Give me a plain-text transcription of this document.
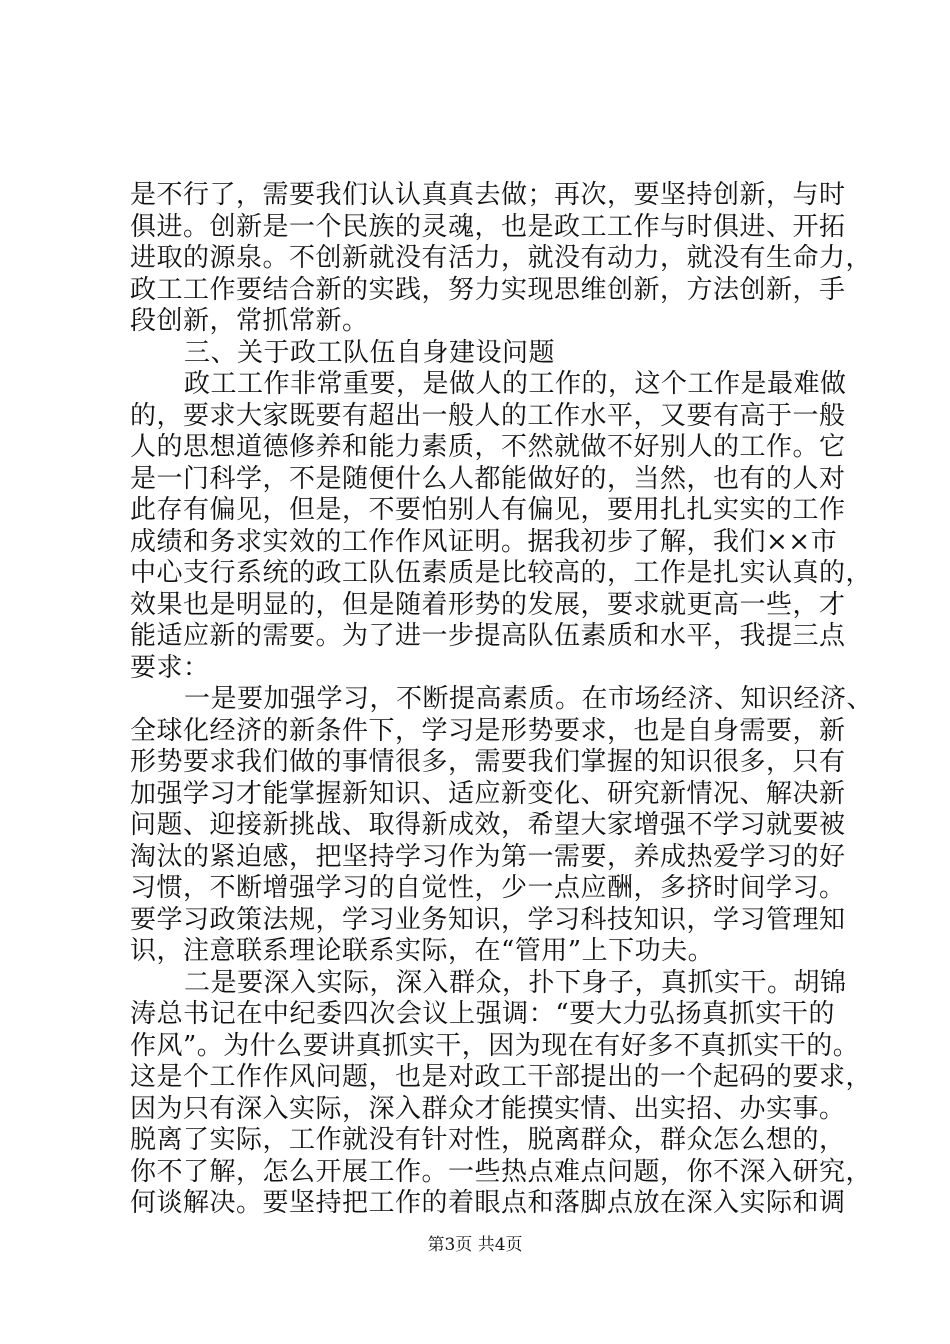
是不行了，需要我们认认真真去做；再次，要坚持创新，与时
俱进。创新是一个民族的灵魂，也是政工工作与时俱进、开拓
进取的源泉。不创新就没有活力，就没有动力，就没有生命力，
政工工作要结合新的实践，努力实现思维创新，方法创新，手
段创新，常抓常新。
三、关于政工队伍自身建设问题
政工工作非常重要，是做人的工作的，这个工作是最难做
的，要求大家既要有超出一般人的工作水平，又要有高于一般
人的思想道德修养和能力素质，不然就做不好别人的工作。它
是一门科学，不是随便什么人都能做好的，当然，也有的人对
此存有偏见，但是，不要怕别人有偏见，要用扎扎实实的工作
成绩和务求实效的工作作风证明。据我初步了解，我们××市
中心支行系统的政工队伍素质是比较高的，工作是扎实认真的，
效果也是明显的，但是随着形势的发展，要求就更高一些，才
能适应新的需要。为了进一步提高队伍素质和水平，我提三点
要求：
一是要加强学习，不断提高素质。在市场经济、知识经济、
全球化经济的新条件下，学习是形势要求，也是自身需要，新
形势要求我们做的事情很多，需要我们掌握的知识很多，只有
加强学习才能掌握新知识、适应新变化、研究新情况、解决新
问题、迎接新挑战、取得新成效，希望大家增强不学习就要被
淘汰的紧迫感，把坚持学习作为第一需要，养成热爱学习的好
习惯，不断增强学习的自觉性，少一点应酬，多挤时间学习。
要学习政策法规，学习业务知识，学习科技知识，学习管理知
识，注意联系理论联系实际，在“管用”上下功夫。
二是要深入实际，深入群众，扑下身子，真抓实干。胡锦
涛总书记在中纪委四次会议上强调：“要大力弘扬真抓实干的
作风”。为什么要讲真抓实干，因为现在有好多不真抓实干的。
这是个工作作风问题，也是对政工干部提出的一个起码的要求，
因为只有深入实际，深入群众才能摸实情、出实招、办实事。
脱离了实际，工作就没有针对性，脱离群众，群众怎么想的，
你不了解，怎么开展工作。一些热点难点问题，你不深入研究，
何谈解决。要坚持把工作的着眼点和落脚点放在深入实际和调
第3页 共4页
